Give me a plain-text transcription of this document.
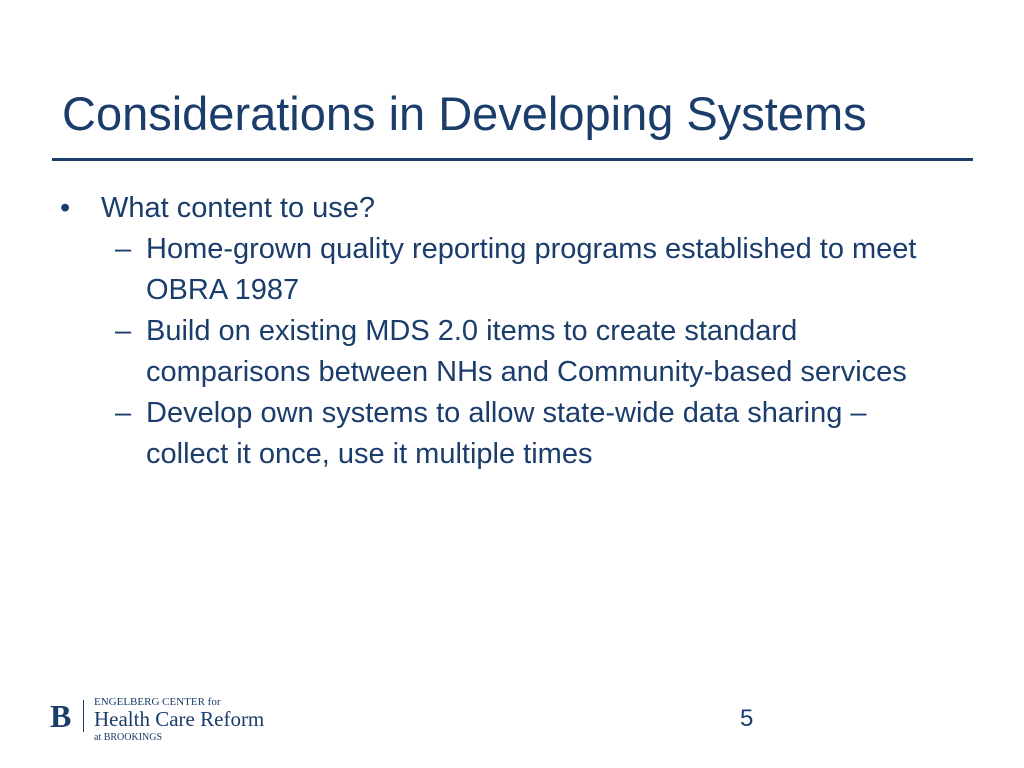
Considerations in Developing Systems
• What content to use?
– Home-grown quality reporting programs established to meet OBRA 1987
– Build on existing MDS 2.0 items to create standard comparisons between NHs and Community-based services
– Develop own systems to allow state-wide data sharing – collect it once, use it multiple times
B ENGELBERG CENTER for
Health Care Reform
at BROOKINGS
5
